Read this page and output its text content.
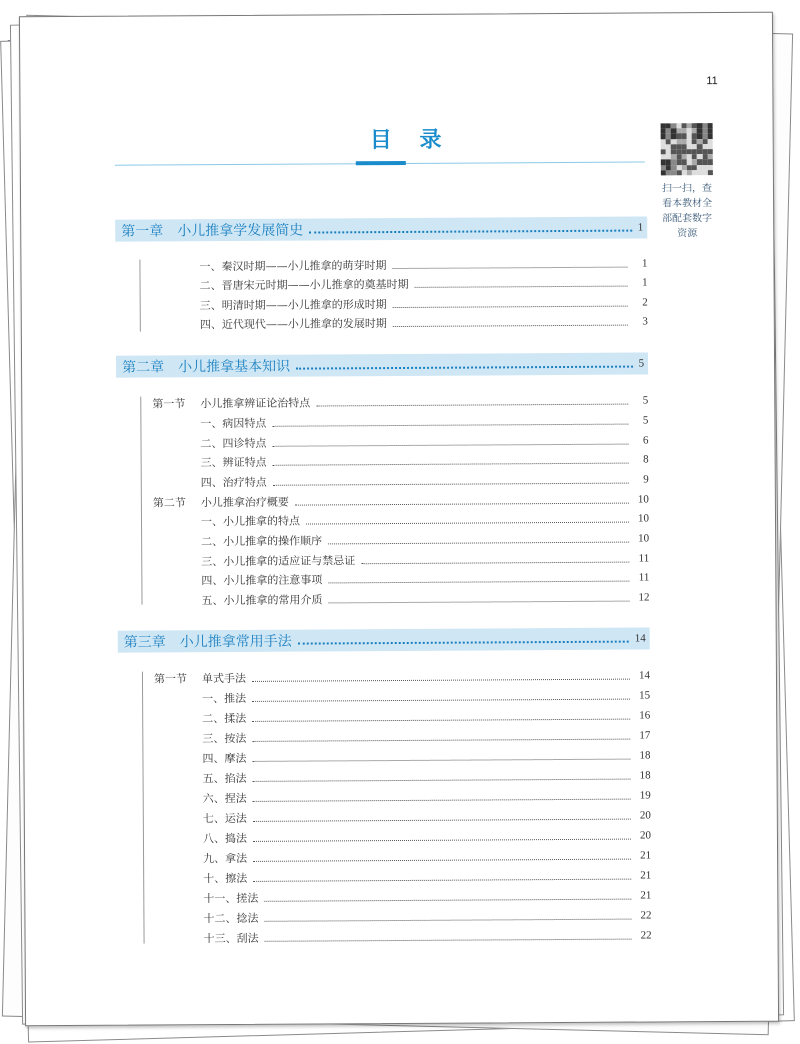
11
目 录
扫一扫，查
看本教材全
部配套数字
资源
第一章 小儿推拿学发展简史	1
一、秦汉时期——小儿推拿的萌芽时期	1
二、晋唐宋元时期——小儿推拿的奠基时期	1
三、明清时期——小儿推拿的形成时期	2
四、近代现代——小儿推拿的发展时期	3
第二章 小儿推拿基本知识	5
第一节	小儿推拿辨证论治特点	5
一、病因特点	5
二、四诊特点	6
三、辨证特点	8
四、治疗特点	9
第二节	小儿推拿治疗概要	10
一、小儿推拿的特点	10
二、小儿推拿的操作顺序	10
三、小儿推拿的适应证与禁忌证	11
四、小儿推拿的注意事项	11
五、小儿推拿的常用介质	12
第三章 小儿推拿常用手法	14
第一节	单式手法	14
一、推法	15
二、揉法	16
三、按法	17
四、摩法	18
五、掐法	18
六、捏法	19
七、运法	20
八、捣法	20
九、拿法	21
十、擦法	21
十一、搓法	21
十二、捻法	22
十三、刮法	22
